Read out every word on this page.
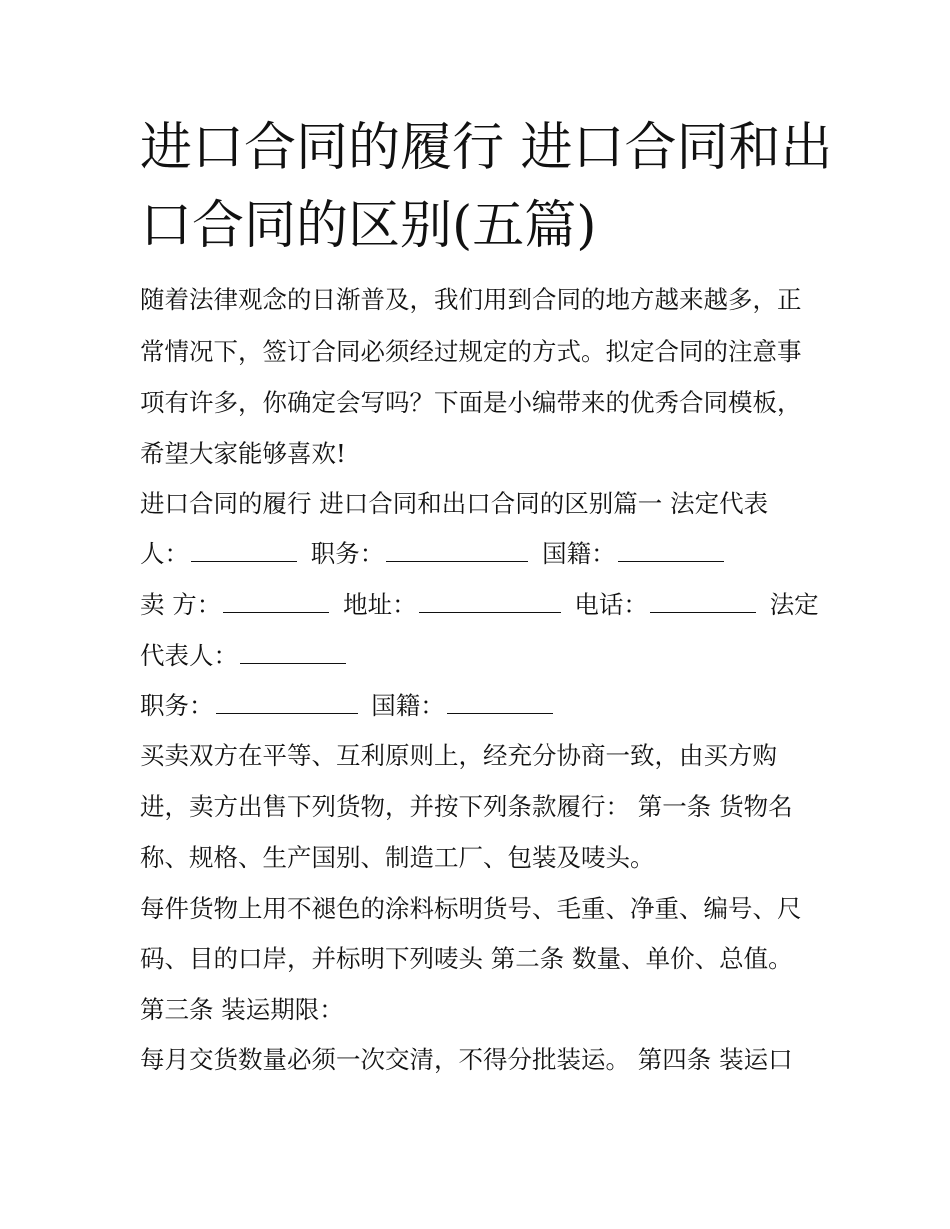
进口合同的履行 进口合同和出
口合同的区别(五篇)

随着法律观念的日渐普及，我们用到合同的地方越来越多，正

常情况下，签订合同必须经过规定的方式。拟定合同的注意事

项有许多，你确定会写吗？下面是小编带来的优秀合同模板，

希望大家能够喜欢!

进口合同的履行 进口合同和出口合同的区别篇一 法定代表

人：	职务：	国籍：

卖 方：	地址：	电话：	法定

代表人：

职务：	国籍：

买卖双方在平等、互利原则上，经充分协商一致，由买方购

进，卖方出售下列货物，并按下列条款履行： 第一条 货物名

称、规格、生产国别、制造工厂、包装及唛头。

每件货物上用不褪色的涂料标明货号、毛重、净重、编号、尺

码、目的口岸，并标明下列唛头 第二条 数量、单价、总值。

第三条 装运期限：

每月交货数量必须一次交清，不得分批装运。 第四条 装运口
